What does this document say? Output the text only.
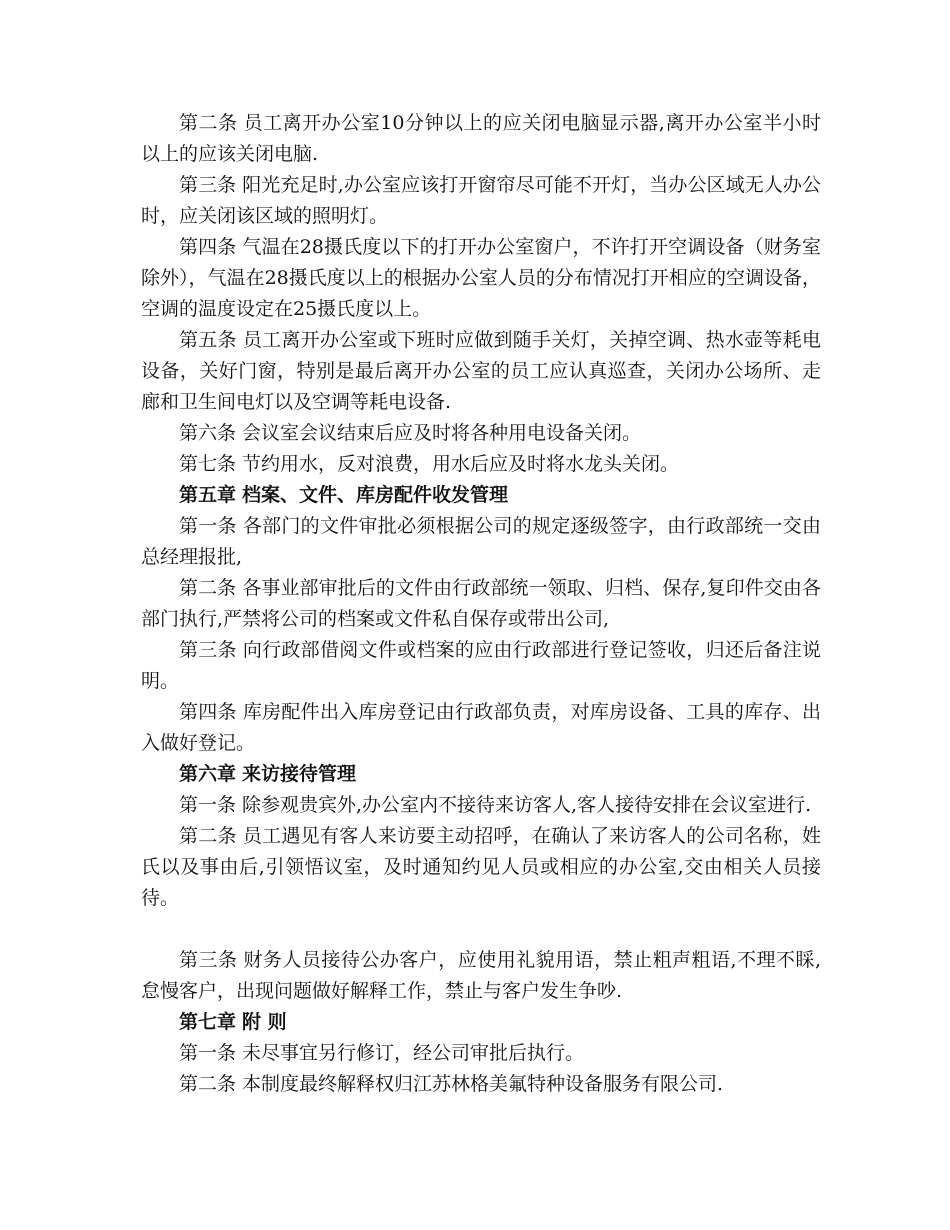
第二条 员工离开办公室10分钟以上的应关闭电脑显示器,离开办公室半小时以上的应该关闭电脑.

第三条 阳光充足时,办公室应该打开窗帘尽可能不开灯，当办公区域无人办公时，应关闭该区域的照明灯。

第四条 气温在28摄氏度以下的打开办公室窗户，不许打开空调设备（财务室除外），气温在28摄氏度以上的根据办公室人员的分布情况打开相应的空调设备，空调的温度设定在25摄氏度以上。

第五条 员工离开办公室或下班时应做到随手关灯，关掉空调、热水壶等耗电设备，关好门窗，特别是最后离开办公室的员工应认真巡查，关闭办公场所、走廊和卫生间电灯以及空调等耗电设备.

第六条 会议室会议结束后应及时将各种用电设备关闭。

第七条 节约用水，反对浪费，用水后应及时将水龙头关闭。

第五章 档案、文件、库房配件收发管理

第一条 各部门的文件审批必须根据公司的规定逐级签字，由行政部统一交由总经理报批,

第二条 各事业部审批后的文件由行政部统一领取、归档、保存,复印件交由各部门执行,严禁将公司的档案或文件私自保存或带出公司,

第三条 向行政部借阅文件或档案的应由行政部进行登记签收，归还后备注说明。

第四条 库房配件出入库房登记由行政部负责，对库房设备、工具的库存、出入做好登记。

第六章 来访接待管理

第一条 除参观贵宾外,办公室内不接待来访客人,客人接待安排在会议室进行.

第二条 员工遇见有客人来访要主动招呼，在确认了来访客人的公司名称，姓氏以及事由后,引领悟议室，及时通知约见人员或相应的办公室,交由相关人员接待。

第三条 财务人员接待公办客户，应使用礼貌用语，禁止粗声粗语,不理不睬,怠慢客户，出现问题做好解释工作，禁止与客户发生争吵.

第七章 附 则

第一条 未尽事宜另行修订，经公司审批后执行。

第二条 本制度最终解释权归江苏林格美氟特种设备服务有限公司.
